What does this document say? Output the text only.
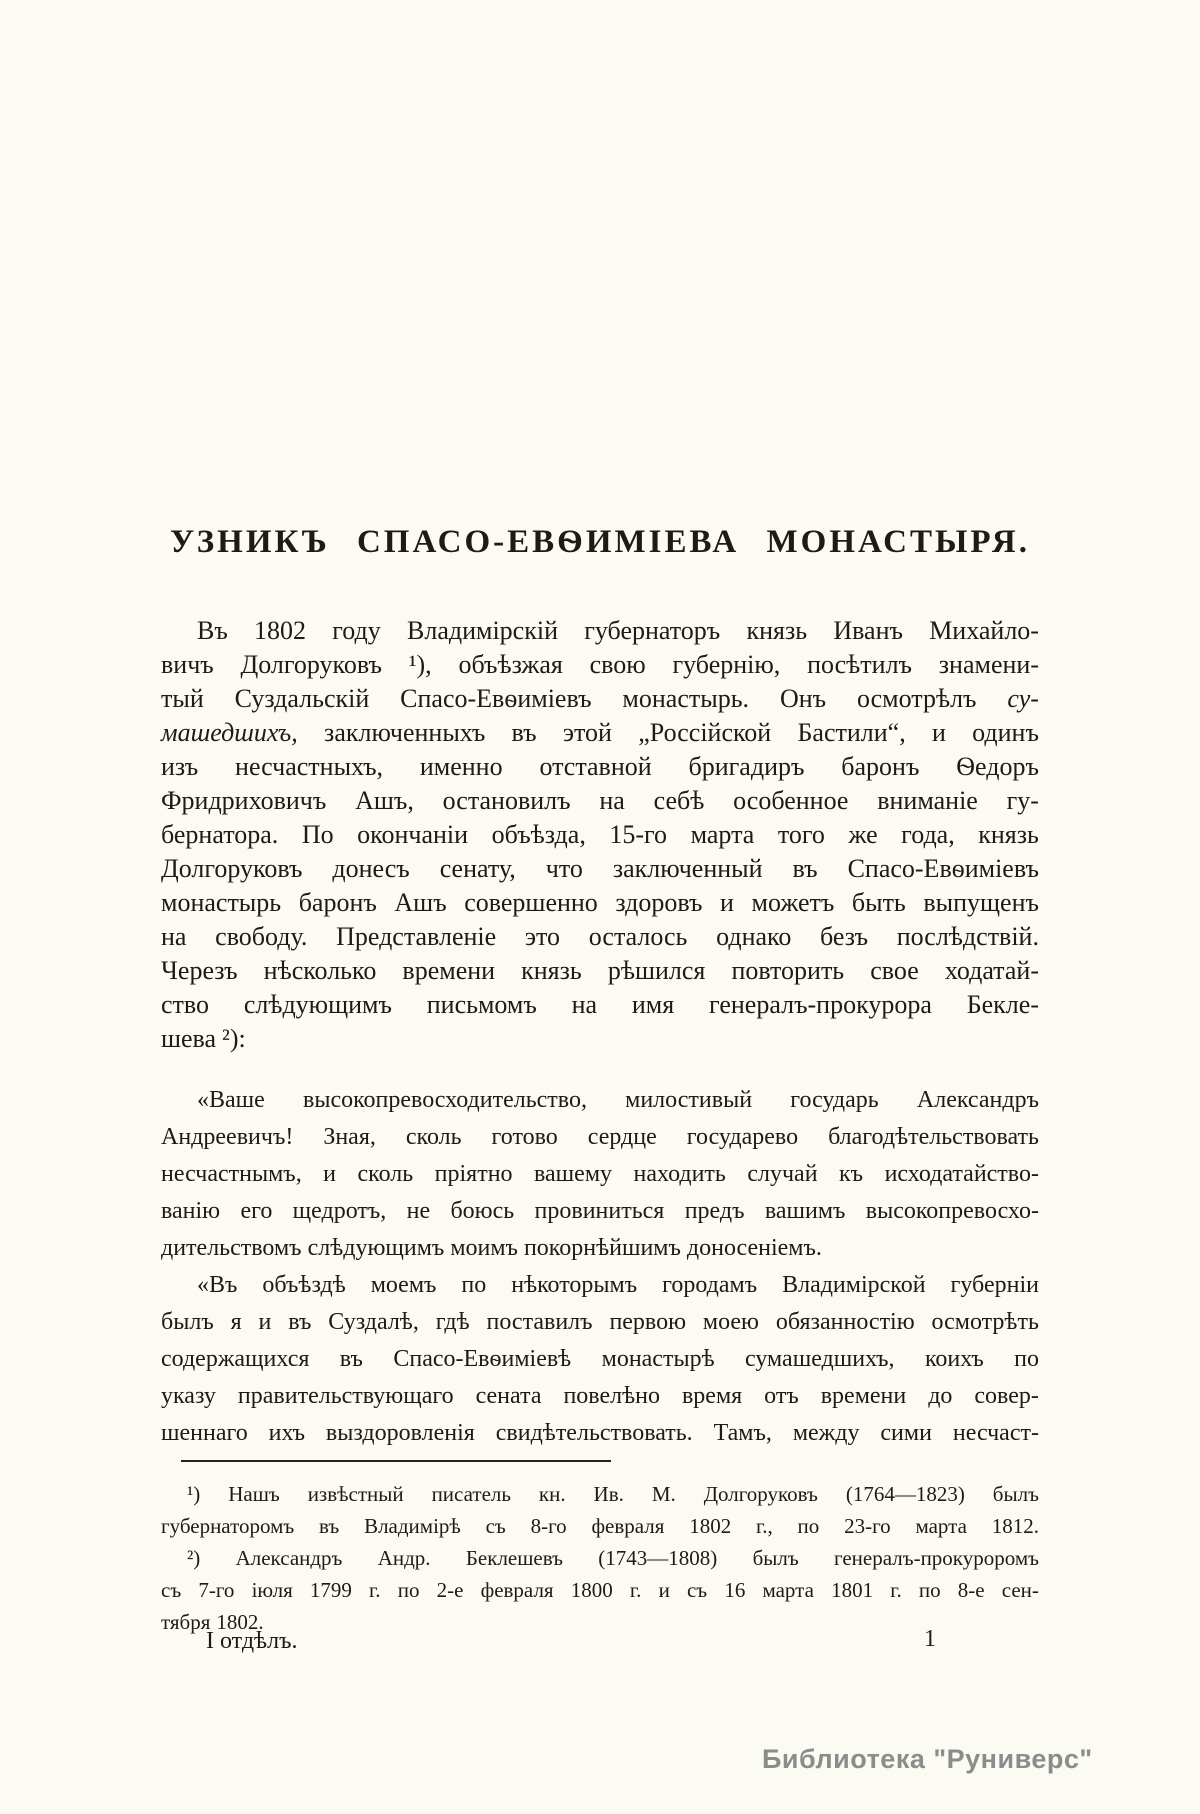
УЗНИКЪ СПАСО-ЕВѲИМІЕВА МОНАСТЫРЯ.
Въ 1802 году Владимірскій губернаторъ князь Иванъ Михайло-
вичъ Долгоруковъ ¹), объѣзжая свою губернію, посѣтилъ знамени-
тый Суздальскій Спасо-Евѳиміевъ монастырь. Онъ осмотрѣлъ су-
машедшихъ, заключенныхъ въ этой „Россійской Бастили“, и одинъ
изъ несчастныхъ, именно отставной бригадиръ баронъ Ѳедоръ
Фридриховичъ Ашъ, остановилъ на себѣ особенное вниманіе гу-
бернатора. По окончаніи объѣзда, 15-го марта того же года, князь
Долгоруковъ донесъ сенату, что заключенный въ Спасо-Евѳиміевъ
монастырь баронъ Ашъ совершенно здоровъ и можетъ быть выпущенъ
на свободу. Представленіе это осталось однако безъ послѣдствій.
Черезъ нѣсколько времени князь рѣшился повторить свое ходатай-
ство слѣдующимъ письмомъ на имя генералъ-прокурора Бекле-
шева ²):
«Ваше высокопревосходительство, милостивый государь Александръ
Андреевичъ! Зная, сколь готово сердце государево благодѣтельствовать
несчастнымъ, и сколь пріятно вашему находить случай къ исходатайство-
ванію его щедротъ, не боюсь провиниться предъ вашимъ высокопревосхо-
дительствомъ слѣдующимъ моимъ покорнѣйшимъ доносеніемъ.
«Въ объѣздѣ моемъ по нѣкоторымъ городамъ Владимірской губерніи
былъ я и въ Суздалѣ, гдѣ поставилъ первою моею обязанностію осмотрѣть
содержащихся въ Спасо-Евѳиміевѣ монастырѣ сумашедшихъ, коихъ по
указу правительствующаго сената повелѣно время отъ времени до совер-
шеннаго ихъ выздоровленія свидѣтельствовать. Тамъ, между сими несчаст-
¹) Нашъ извѣстный писатель кн. Ив. М. Долгоруковъ (1764—1823) былъ
губернаторомъ въ Владимірѣ съ 8-го февраля 1802 г., по 23-го марта 1812.
²) Александръ Андр. Беклешевъ (1743—1808) былъ генералъ-прокуроромъ
съ 7-го іюля 1799 г. по 2-е февраля 1800 г. и съ 16 марта 1801 г. по 8-е сен-
тября 1802.
I отдѣлъ.	1
Библиотека "Руниверс"
